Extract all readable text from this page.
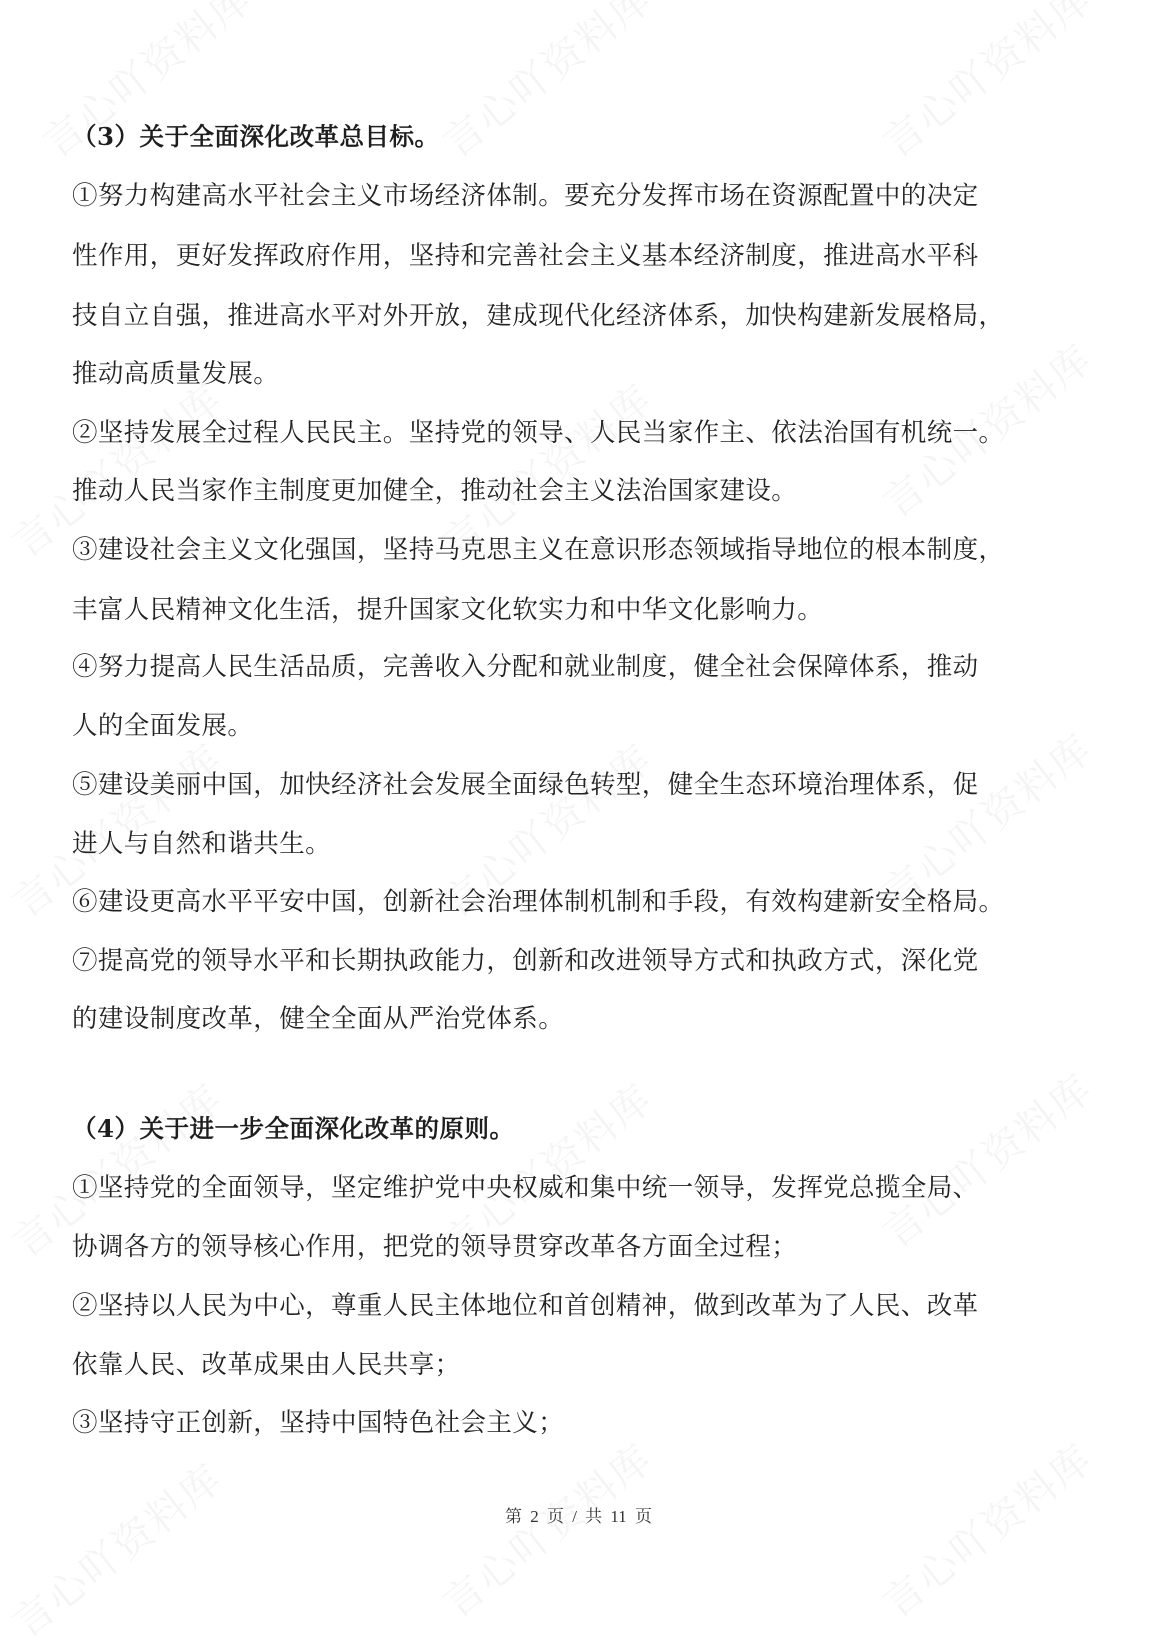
（3）关于全面深化改革总目标。
①努力构建高水平社会主义市场经济体制。要充分发挥市场在资源配置中的决定
性作用，更好发挥政府作用，坚持和完善社会主义基本经济制度，推进高水平科
技自立自强，推进高水平对外开放，建成现代化经济体系，加快构建新发展格局，
推动高质量发展。
②坚持发展全过程人民民主。坚持党的领导、人民当家作主、依法治国有机统一。
推动人民当家作主制度更加健全，推动社会主义法治国家建设。
③建设社会主义文化强国，坚持马克思主义在意识形态领域指导地位的根本制度，
丰富人民精神文化生活，提升国家文化软实力和中华文化影响力。
④努力提高人民生活品质，完善收入分配和就业制度，健全社会保障体系，推动
人的全面发展。
⑤建设美丽中国，加快经济社会发展全面绿色转型，健全生态环境治理体系，促
进人与自然和谐共生。
⑥建设更高水平平安中国，创新社会治理体制机制和手段，有效构建新安全格局。
⑦提高党的领导水平和长期执政能力，创新和改进领导方式和执政方式，深化党
的建设制度改革，健全全面从严治党体系。
（4）关于进一步全面深化改革的原则。
①坚持党的全面领导，坚定维护党中央权威和集中统一领导，发挥党总揽全局、
协调各方的领导核心作用，把党的领导贯穿改革各方面全过程；
②坚持以人民为中心，尊重人民主体地位和首创精神，做到改革为了人民、改革
依靠人民、改革成果由人民共享；
③坚持守正创新，坚持中国特色社会主义；
第 2 页 / 共 11 页
